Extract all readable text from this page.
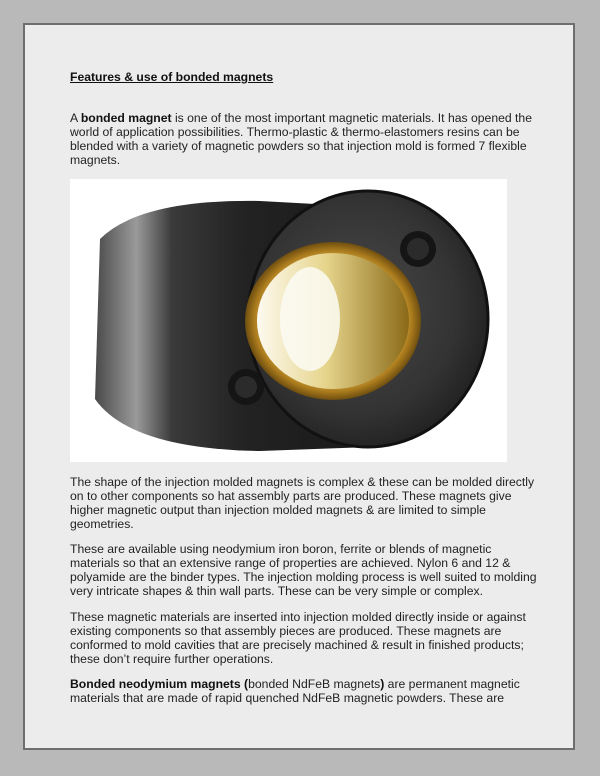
Features & use of bonded magnets

A bonded magnet is one of the most important magnetic materials. It has opened the world of application possibilities. Thermo-plastic & thermo-elastomers resins can be blended with a variety of magnetic powders so that injection mold is formed 7 flexible magnets.

The shape of the injection molded magnets is complex & these can be molded directly on to other components so hat assembly parts are produced. These magnets give higher magnetic output than injection molded magnets & are limited to simple geometries.

These are available using neodymium iron boron, ferrite or blends of magnetic materials so that an extensive range of properties are achieved. Nylon 6 and 12 & polyamide are the binder types. The injection molding process is well suited to molding very intricate shapes & thin wall parts. These can be very simple or complex.

These magnetic materials are inserted into injection molded directly inside or against existing components so that assembly pieces are produced. These magnets are conformed to mold cavities that are precisely machined & result in finished products; these don’t require further operations.

Bonded neodymium magnets (bonded NdFeB magnets) are permanent magnetic materials that are made of rapid quenched NdFeB magnetic powders. These are
